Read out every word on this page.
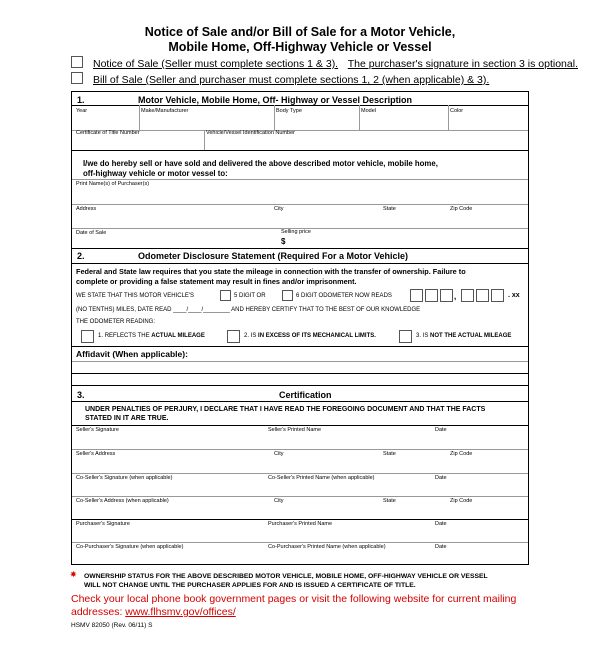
Notice of Sale and/or Bill of Sale for a Motor Vehicle,
Mobile Home, Off-Highway Vehicle or Vessel
Notice of Sale (Seller must complete sections 1 & 3). The purchaser's signature in section 3 is optional.
Bill of Sale (Seller and purchaser must complete sections 1, 2 (when applicable) & 3).
1.	Motor Vehicle, Mobile Home, Off- Highway or Vessel Description
Year	Make/Manufacturer	Body Type	Model	Color
Certificate of Title Number	Vehicle/Vessel Identification Number
I/we do hereby sell or have sold and delivered the above described motor vehicle, mobile home,
off-highway vehicle or motor vessel to:
Print Name(s) of Purchaser(s)
Address	City	State	Zip Code
Date of Sale	Selling price
$
2.	Odometer Disclosure Statement (Required For a Motor Vehicle)
Federal and State law requires that you state the mileage in connection with the transfer of ownership. Failure to
complete or providing a false statement may result in fines and/or imprisonment.
WE STATE THAT THIS MOTOR VEHICLE'S	5 DIGIT OR	6 DIGIT ODOMETER NOW READS	,	. xx
(NO TENTHS) MILES, DATE READ ____/____/________ AND HEREBY CERTIFY THAT TO THE BEST OF OUR KNOWLEDGE
THE ODOMETER READING:
1. REFLECTS THE ACTUAL MILEAGE	2. IS IN EXCESS OF ITS MECHANICAL LIMITS.	3. IS NOT THE ACTUAL MILEAGE
Affidavit (When applicable):
3.	Certification
UNDER PENALTIES OF PERJURY, I DECLARE THAT I HAVE READ THE FOREGOING DOCUMENT AND THAT THE FACTS
STATED IN IT ARE TRUE.
Seller's Signature	Seller's Printed Name	Date
Seller's Address	City	State	Zip Code
Co-Seller's Signature (when applicable)	Co-Seller's Printed Name (when applicable)	Date
Co-Seller's Address (when applicable)	City	State	Zip Code
Purchaser's Signature	Purchaser's Printed Name	Date
Co-Purchaser's Signature (when applicable)	Co-Purchaser's Printed Name (when applicable)	Date
✷ OWNERSHIP STATUS FOR THE ABOVE DESCRIBED MOTOR VEHICLE, MOBILE HOME, OFF-HIGHWAY VEHICLE OR VESSEL
WILL NOT CHANGE UNTIL THE PURCHASER APPLIES FOR AND IS ISSUED A CERTIFICATE OF TITLE.
Check your local phone book government pages or visit the following website for current mailing
addresses: www.flhsmv.gov/offices/
HSMV 82050 (Rev. 06/11) S
